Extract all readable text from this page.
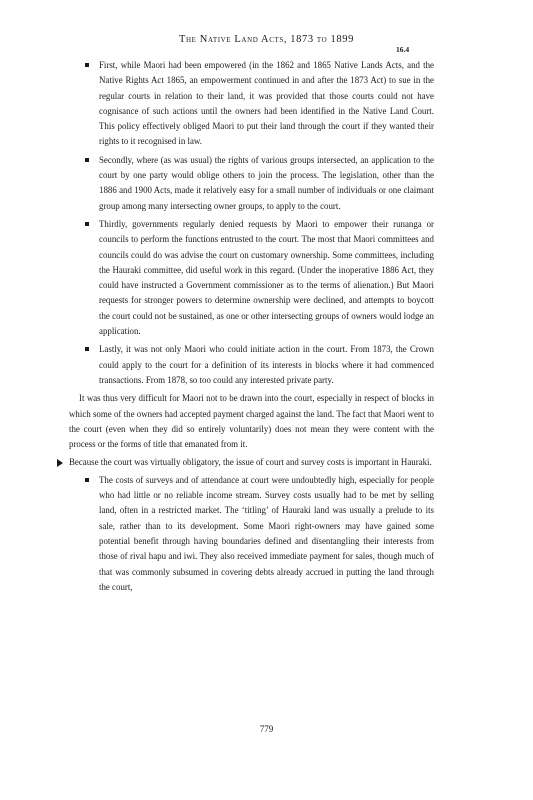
The Native Land Acts, 1873 to 1899
16.4
First, while Maori had been empowered (in the 1862 and 1865 Native Lands Acts, and the Native Rights Act 1865, an empowerment continued in and after the 1873 Act) to sue in the regular courts in relation to their land, it was provided that those courts could not have cognisance of such actions until the owners had been identified in the Native Land Court. This policy effectively obliged Maori to put their land through the court if they wanted their rights to it recognised in law.
Secondly, where (as was usual) the rights of various groups intersected, an application to the court by one party would oblige others to join the process. The legislation, other than the 1886 and 1900 Acts, made it relatively easy for a small number of individuals or one claimant group among many intersecting owner groups, to apply to the court.
Thirdly, governments regularly denied requests by Maori to empower their runanga or councils to perform the functions entrusted to the court. The most that Maori committees and councils could do was advise the court on customary ownership. Some committees, including the Hauraki committee, did useful work in this regard. (Under the inoperative 1886 Act, they could have instructed a Government commissioner as to the terms of alienation.) But Maori requests for stronger powers to determine ownership were declined, and attempts to boycott the court could not be sustained, as one or other intersecting groups of owners would lodge an application.
Lastly, it was not only Maori who could initiate action in the court. From 1873, the Crown could apply to the court for a definition of its interests in blocks where it had commenced transactions. From 1878, so too could any interested private party.

It was thus very difficult for Maori not to be drawn into the court, especially in respect of blocks in which some of the owners had accepted payment charged against the land. The fact that Maori went to the court (even when they did so entirely voluntarily) does not mean they were content with the process or the forms of title that emanated from it.

Because the court was virtually obligatory, the issue of court and survey costs is important in Hauraki.
The costs of surveys and of attendance at court were undoubtedly high, especially for people who had little or no reliable income stream. Survey costs usually had to be met by selling land, often in a restricted market. The ‘titling’ of Hauraki land was usually a prelude to its sale, rather than to its development. Some Maori right-owners may have gained some potential benefit through having boundaries defined and disentangling their interests from those of rival hapu and iwi. They also received immediate payment for sales, though much of that was commonly subsumed in covering debts already accrued in putting the land through the court,
779
